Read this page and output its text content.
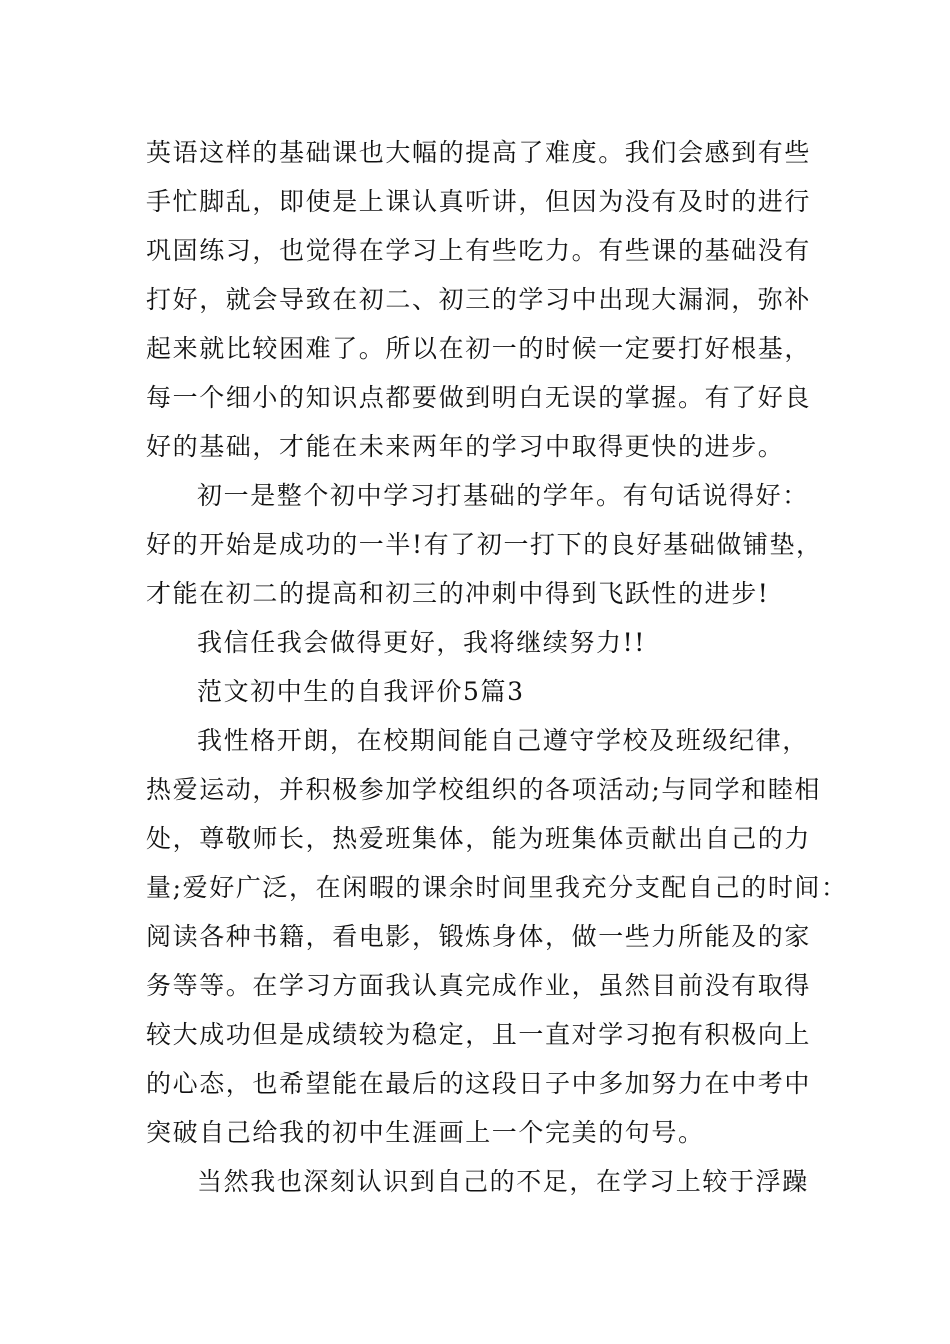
英语这样的基础课也大幅的提高了难度。我们会感到有些
手忙脚乱，即使是上课认真听讲，但因为没有及时的进行
巩固练习，也觉得在学习上有些吃力。有些课的基础没有
打好，就会导致在初二、初三的学习中出现大漏洞，弥补
起来就比较困难了。所以在初一的时候一定要打好根基，
每一个细小的知识点都要做到明白无误的掌握。有了好良
好的基础，才能在未来两年的学习中取得更快的进步。
初一是整个初中学习打基础的学年。有句话说得好：
好的开始是成功的一半!有了初一打下的良好基础做铺垫，
才能在初二的提高和初三的冲刺中得到飞跃性的进步!
我信任我会做得更好，我将继续努力!!
范文初中生的自我评价5篇3
我性格开朗，在校期间能自己遵守学校及班级纪律，
热爱运动，并积极参加学校组织的各项活动;与同学和睦相
处，尊敬师长，热爱班集体，能为班集体贡献出自己的力
量;爱好广泛，在闲暇的课余时间里我充分支配自己的时间：
阅读各种书籍，看电影，锻炼身体，做一些力所能及的家
务等等。在学习方面我认真完成作业，虽然目前没有取得
较大成功但是成绩较为稳定，且一直对学习抱有积极向上
的心态，也希望能在最后的这段日子中多加努力在中考中
突破自己给我的初中生涯画上一个完美的句号。
当然我也深刻认识到自己的不足，在学习上较于浮躁
